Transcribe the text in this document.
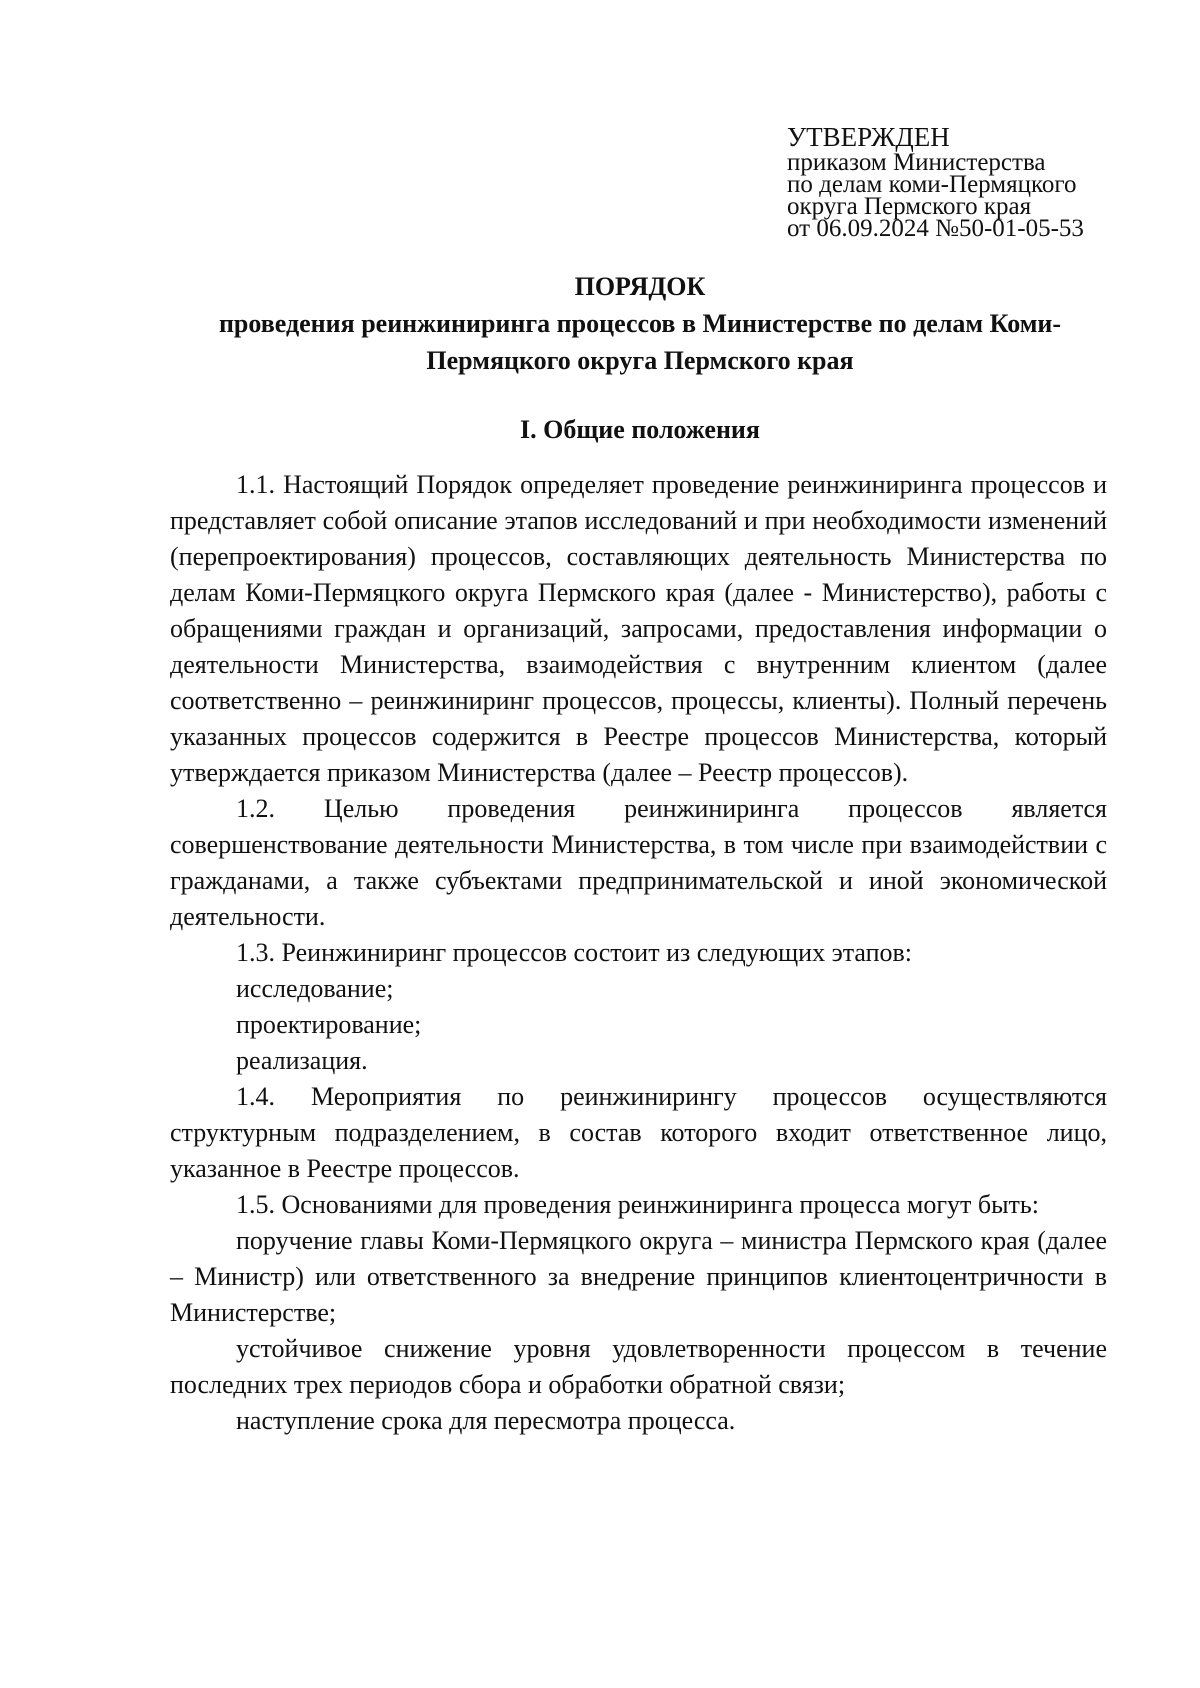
УТВЕРЖДЕН
приказом Министерства
по делам коми-Пермяцкого
округа Пермского края
от 06.09.2024 №50-01-05-53
ПОРЯДОК
проведения реинжиниринга процессов в Министерстве по делам Коми-
Пермяцкого округа Пермского края
I. Общие положения

1.1. Настоящий Порядок определяет проведение реинжиниринга процессов и представляет собой описание этапов исследований и при необходимости изменений (перепроектирования) процессов, составляющих деятельность Министерства по делам Коми-Пермяцкого округа Пермского края (далее - Министерство), работы с обращениями граждан и организаций, запросами, предоставления информации о деятельности Министерства, взаимодействия с внутренним клиентом (далее соответственно – реинжиниринг процессов, процессы, клиенты). Полный перечень указанных процессов содержится в Реестре процессов Министерства, который утверждается приказом Министерства (далее – Реестр процессов).

1.2. Целью проведения реинжиниринга процессов является совершенствование деятельности Министерства, в том числе при взаимодействии с гражданами, а также субъектами предпринимательской и иной экономической деятельности.

1.3. Реинжиниринг процессов состоит из следующих этапов:

исследование;

проектирование;

реализация.

1.4. Мероприятия по реинжинирингу процессов осуществляются структурным подразделением, в состав которого входит ответственное лицо, указанное в Реестре процессов.

1.5. Основаниями для проведения реинжиниринга процесса могут быть:

поручение главы Коми-Пермяцкого округа – министра Пермского края (далее – Министр) или ответственного за внедрение принципов клиентоцентричности в Министерстве;

устойчивое снижение уровня удовлетворенности процессом в течение последних трех периодов сбора и обработки обратной связи;

наступление срока для пересмотра процесса.
